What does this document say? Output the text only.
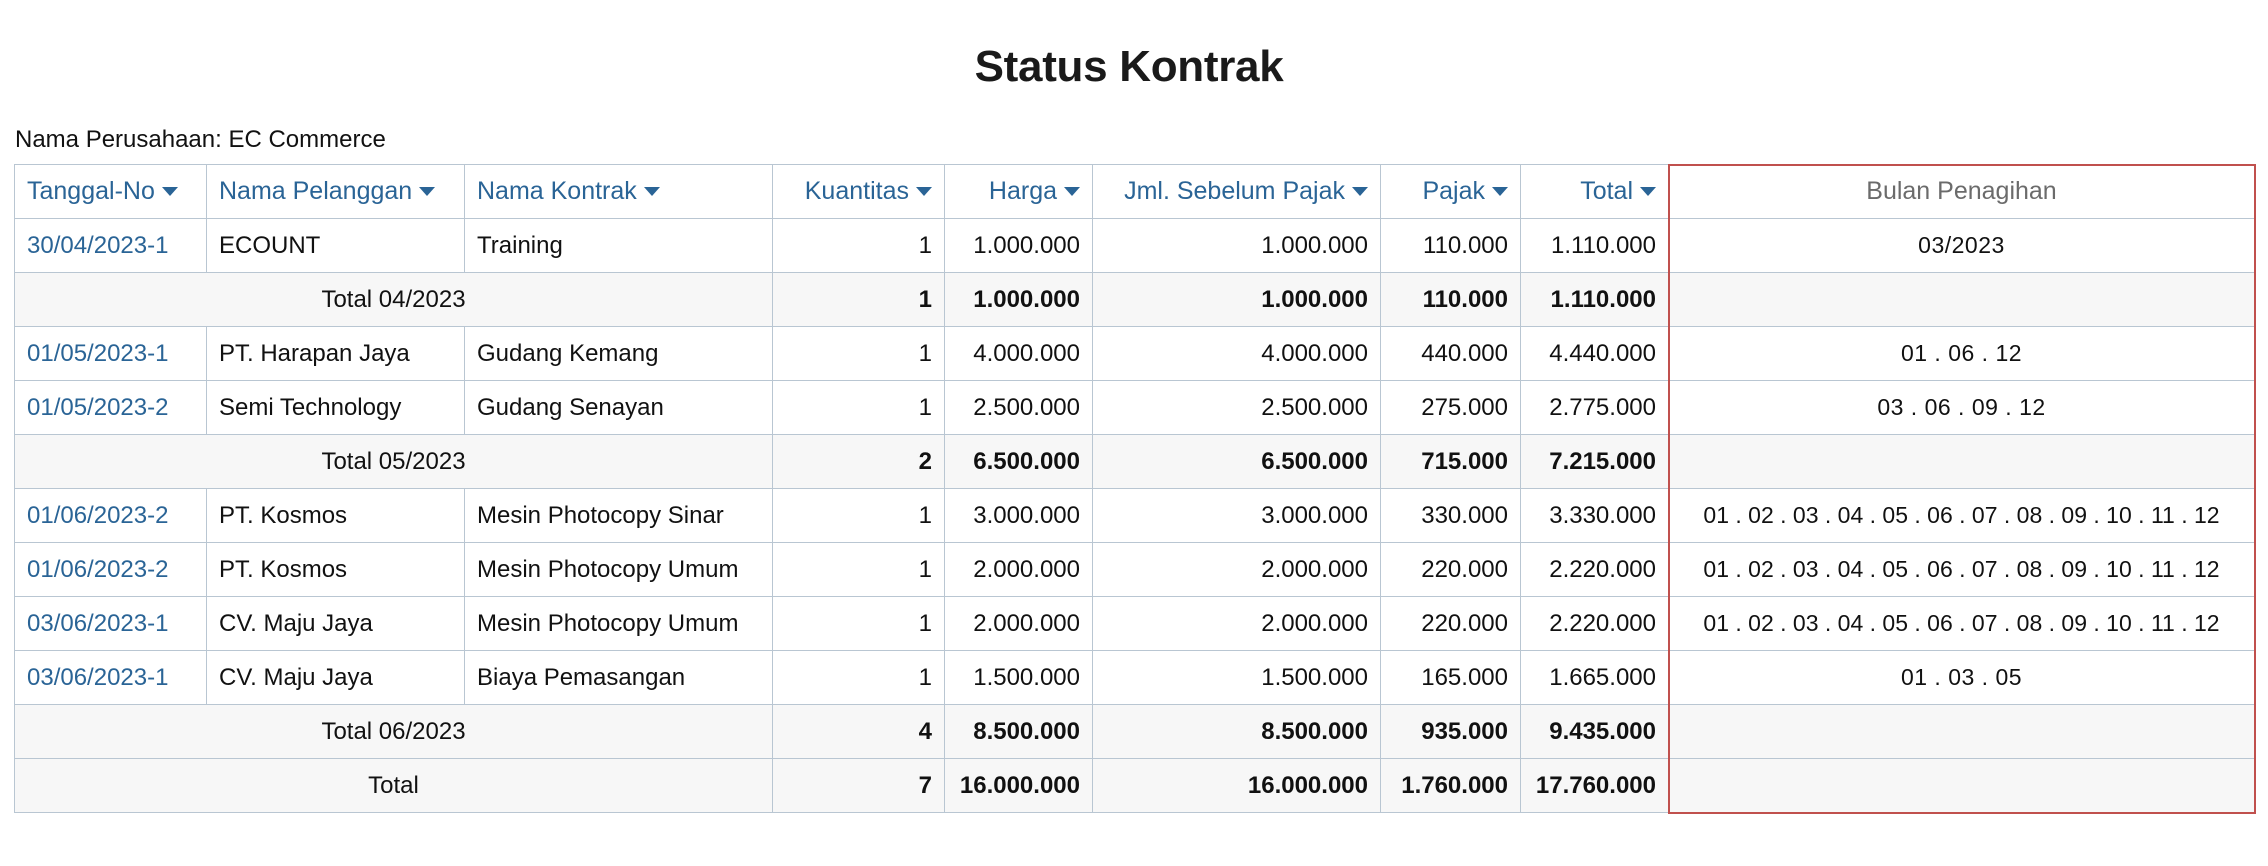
Status Kontrak
Nama Perusahaan: EC Commerce
Tanggal-No	Nama Pelanggan	Nama Kontrak	Kuantitas	Harga	Jml. Sebelum Pajak	Pajak	Total	Bulan Penagihan
30/04/2023-1	ECOUNT	Training	1	1.000.000	1.000.000	110.000	1.110.000	03/2023
Total 04/2023			1	1.000.000	1.000.000	110.000	1.110.000	
01/05/2023-1	PT. Harapan Jaya	Gudang Kemang	1	4.000.000	4.000.000	440.000	4.440.000	01 . 06 . 12
01/05/2023-2	Semi Technology	Gudang Senayan	1	2.500.000	2.500.000	275.000	2.775.000	03 . 06 . 09 . 12
Total 05/2023			2	6.500.000	6.500.000	715.000	7.215.000	
01/06/2023-2	PT. Kosmos	Mesin Photocopy Sinar	1	3.000.000	3.000.000	330.000	3.330.000	01 . 02 . 03 . 04 . 05 . 06 . 07 . 08 . 09 . 10 . 11 . 12
01/06/2023-2	PT. Kosmos	Mesin Photocopy Umum	1	2.000.000	2.000.000	220.000	2.220.000	01 . 02 . 03 . 04 . 05 . 06 . 07 . 08 . 09 . 10 . 11 . 12
03/06/2023-1	CV. Maju Jaya	Mesin Photocopy Umum	1	2.000.000	2.000.000	220.000	2.220.000	01 . 02 . 03 . 04 . 05 . 06 . 07 . 08 . 09 . 10 . 11 . 12
03/06/2023-1	CV. Maju Jaya	Biaya Pemasangan	1	1.500.000	1.500.000	165.000	1.665.000	01 . 03 . 05
Total 06/2023			4	8.500.000	8.500.000	935.000	9.435.000	
Total			7	16.000.000	16.000.000	1.760.000	17.760.000	
